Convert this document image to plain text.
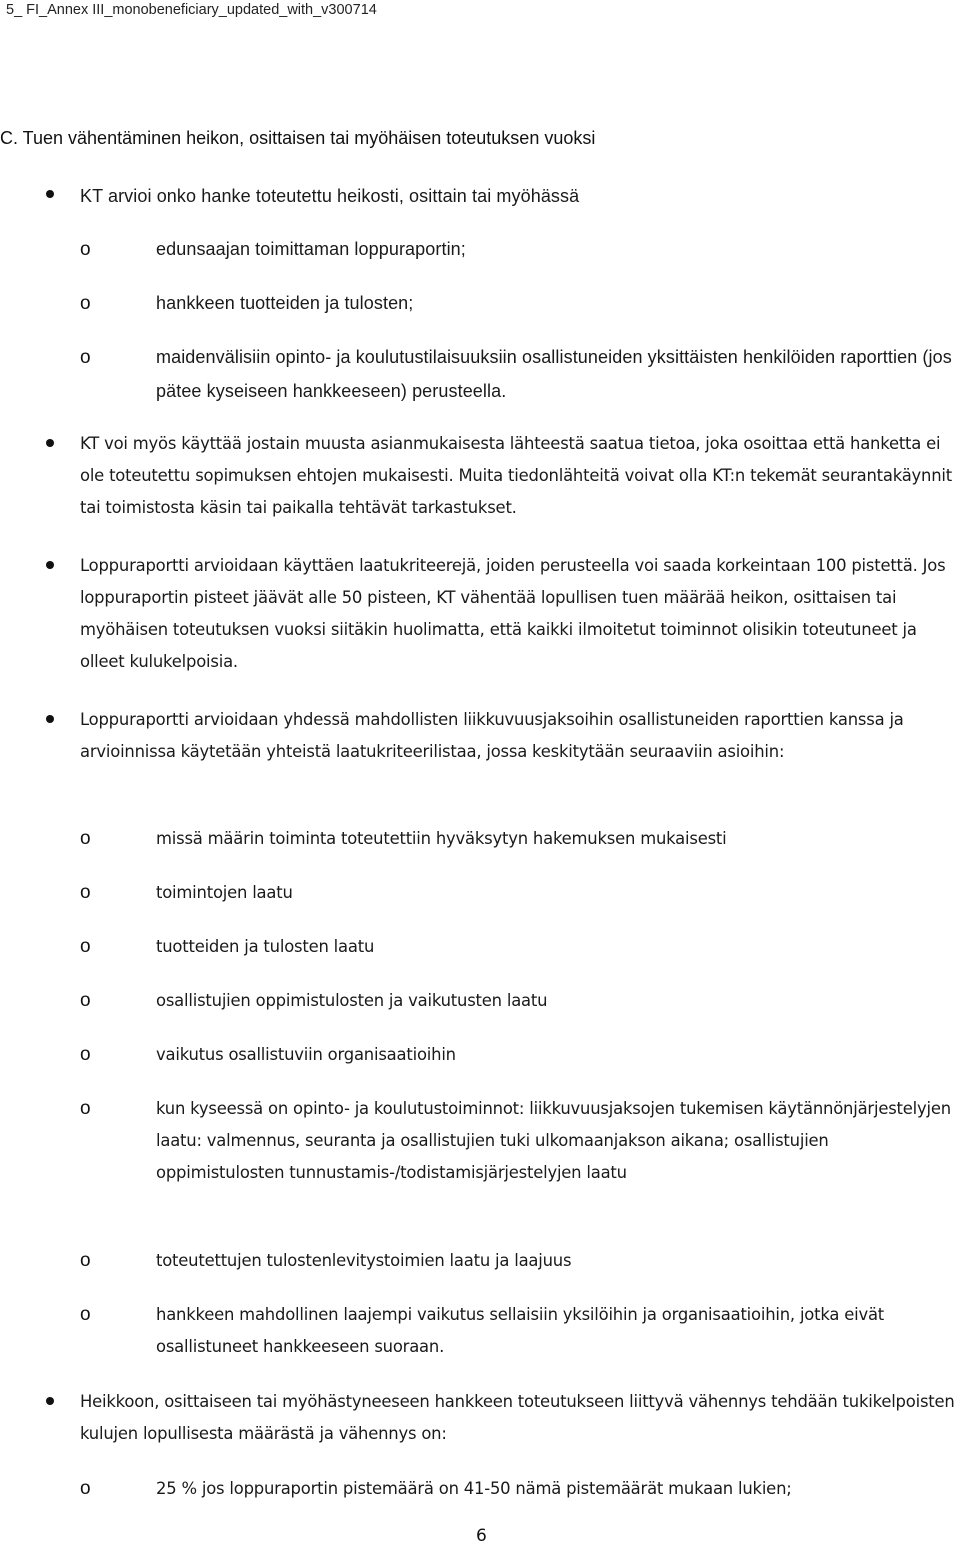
5_ FI_Annex III_monobeneficiary_updated_with_v300714
C. Tuen vähentäminen heikon, osittaisen tai myöhäisen toteutuksen vuoksi

KT arvioi onko hanke toteutettu heikosti, osittain tai myöhässä

o edunsaajan toimittaman loppuraportin;

o hankkeen tuotteiden ja tulosten;

o maidenvälisiin opinto- ja koulutustilaisuuksiin osallistuneiden yksittäisten henkilöiden raporttien (jos pätee kyseiseen hankkeeseen) perusteella.

KT voi myös käyttää jostain muusta asianmukaisesta lähteestä saatua tietoa, joka osoittaa että hanketta ei ole toteutettu sopimuksen ehtojen mukaisesti. Muita tiedonlähteitä voivat olla KT:n tekemät seurantakäynnit tai toimistosta käsin tai paikalla tehtävät tarkastukset.

Loppuraportti arvioidaan käyttäen laatukriteerejä, joiden perusteella voi saada korkeintaan 100 pistettä. Jos loppuraportin pisteet jäävät alle 50 pisteen, KT vähentää lopullisen tuen määrää heikon, osittaisen tai myöhäisen toteutuksen vuoksi siitäkin huolimatta, että kaikki ilmoitetut toiminnot olisikin toteutuneet ja olleet kulukelpoisia.

Loppuraportti arvioidaan yhdessä mahdollisten liikkuvuusjaksoihin osallistuneiden raporttien kanssa ja arvioinnissa käytetään yhteistä laatukriteerilistaa, jossa keskitytään seuraaviin asioihin:

o missä määrin toiminta toteutettiin hyväksytyn hakemuksen mukaisesti

o toimintojen laatu

o tuotteiden ja tulosten laatu

o osallistujien oppimistulosten ja vaikutusten laatu

o vaikutus osallistuviin organisaatioihin

o kun kyseessä on opinto- ja koulutustoiminnot: liikkuvuusjaksojen tukemisen käytännönjärjestelyjen laatu: valmennus, seuranta ja osallistujien tuki ulkomaanjakson aikana; osallistujien oppimistulosten tunnustamis-/todistamisjärjestelyjen laatu

o toteutettujen tulostenlevitystoimien laatu ja laajuus

o hankkeen mahdollinen laajempi vaikutus sellaisiin yksilöihin ja organisaatioihin, jotka eivät osallistuneet hankkeeseen suoraan.

Heikkoon, osittaiseen tai myöhästyneeseen hankkeen toteutukseen liittyvä vähennys tehdään tukikelpoisten kulujen lopullisesta määrästä ja vähennys on:

o 25 % jos loppuraportin pistemäärä on 41-50 nämä pistemäärät mukaan lukien;

6
